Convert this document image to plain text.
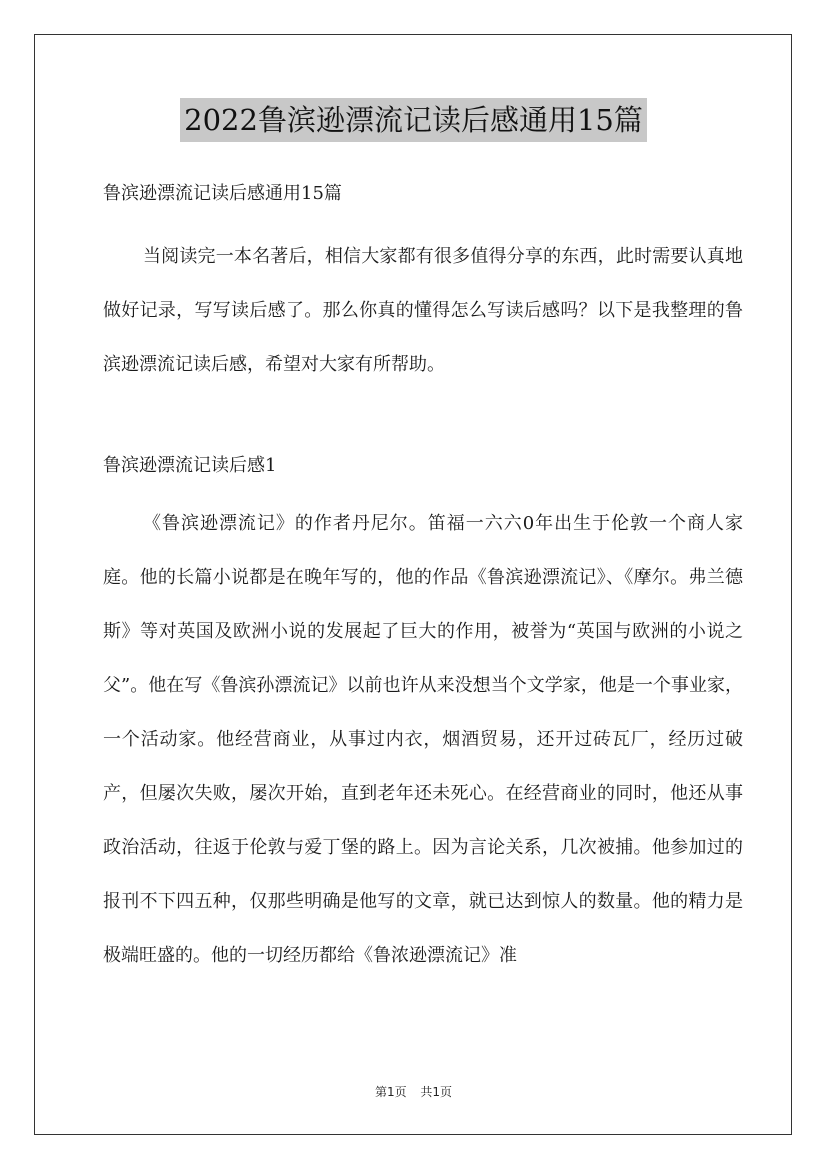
2022鲁滨逊漂流记读后感通用15篇
鲁滨逊漂流记读后感通用15篇
当阅读完一本名著后，相信大家都有很多值得分享的东西，此时需要认真地做好记录，写写读后感了。那么你真的懂得怎么写读后感吗？以下是我整理的鲁滨逊漂流记读后感，希望对大家有所帮助。
鲁滨逊漂流记读后感1
《鲁滨逊漂流记》的作者丹尼尔。笛福一六六0年出生于伦敦一个商人家庭。他的长篇小说都是在晚年写的，他的作品《鲁滨逊漂流记》、《摩尔。弗兰德斯》等对英国及欧洲小说的发展起了巨大的作用，被誉为“英国与欧洲的小说之父”。他在写《鲁滨孙漂流记》以前也许从来没想当个文学家，他是一个事业家，一个活动家。他经营商业，从事过内衣，烟酒贸易，还开过砖瓦厂，经历过破产，但屡次失败，屡次开始，直到老年还未死心。在经营商业的同时，他还从事政治活动，往返于伦敦与爱丁堡的路上。因为言论关系，几次被捕。他参加过的报刊不下四五种，仅那些明确是他写的文章，就已达到惊人的数量。他的精力是极端旺盛的。他的一切经历都给《鲁浓逊漂流记》准
第1页 共1页
